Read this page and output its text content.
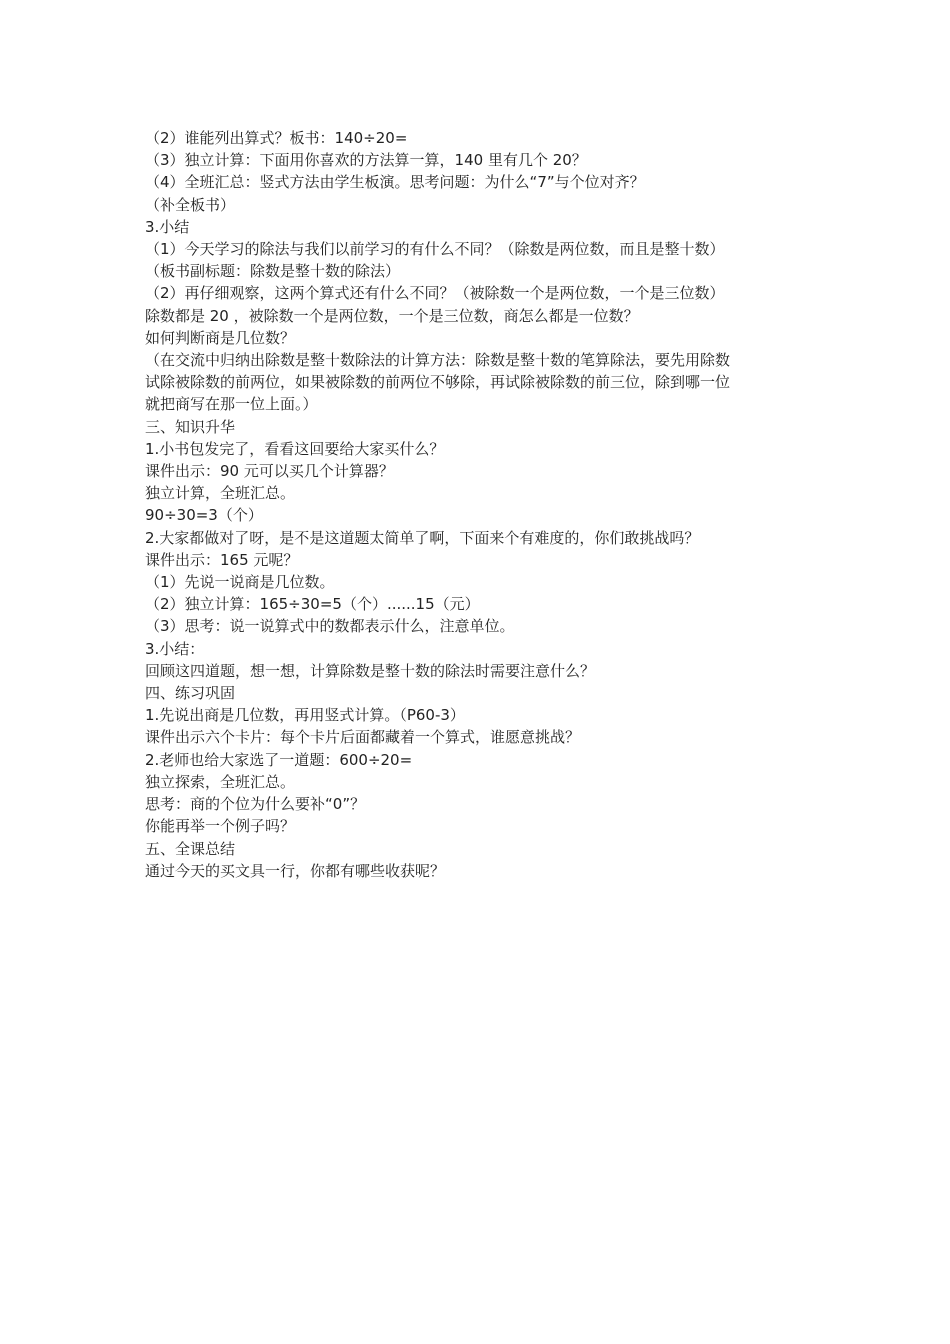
（2）谁能列出算式？板书：140÷20=

（3）独立计算：下面用你喜欢的方法算一算，140 里有几个 20？

（4）全班汇总：竖式方法由学生板演。思考问题：为什么“7”与个位对齐？

（补全板书）

3.小结

（1）今天学习的除法与我们以前学习的有什么不同？（除数是两位数，而且是整十数）

（板书副标题：除数是整十数的除法）

（2）再仔细观察，这两个算式还有什么不同？（被除数一个是两位数，一个是三位数）

除数都是 20 ，被除数一个是两位数，一个是三位数，商怎么都是一位数？

如何判断商是几位数？

（在交流中归纳出除数是整十数除法的计算方法：除数是整十数的笔算除法，要先用除数

试除被除数的前两位，如果被除数的前两位不够除，再试除被除数的前三位，除到哪一位

就把商写在那一位上面。）

三、知识升华

1.小书包发完了，看看这回要给大家买什么？

课件出示：90 元可以买几个计算器？

独立计算，全班汇总。

90÷30=3（个）

2.大家都做对了呀，是不是这道题太简单了啊，下面来个有难度的，你们敢挑战吗？

课件出示：165 元呢？

（1）先说一说商是几位数。

（2）独立计算：165÷30=5（个）......15（元）

（3）思考：说一说算式中的数都表示什么，注意单位。

3.小结：

回顾这四道题，想一想，计算除数是整十数的除法时需要注意什么？

四、练习巩固

1.先说出商是几位数，再用竖式计算。（P60-3）

课件出示六个卡片：每个卡片后面都藏着一个算式，谁愿意挑战？

2.老师也给大家选了一道题：600÷20=

独立探索，全班汇总。

思考：商的个位为什么要补“0”？

你能再举一个例子吗？

五、全课总结

通过今天的买文具一行，你都有哪些收获呢？
